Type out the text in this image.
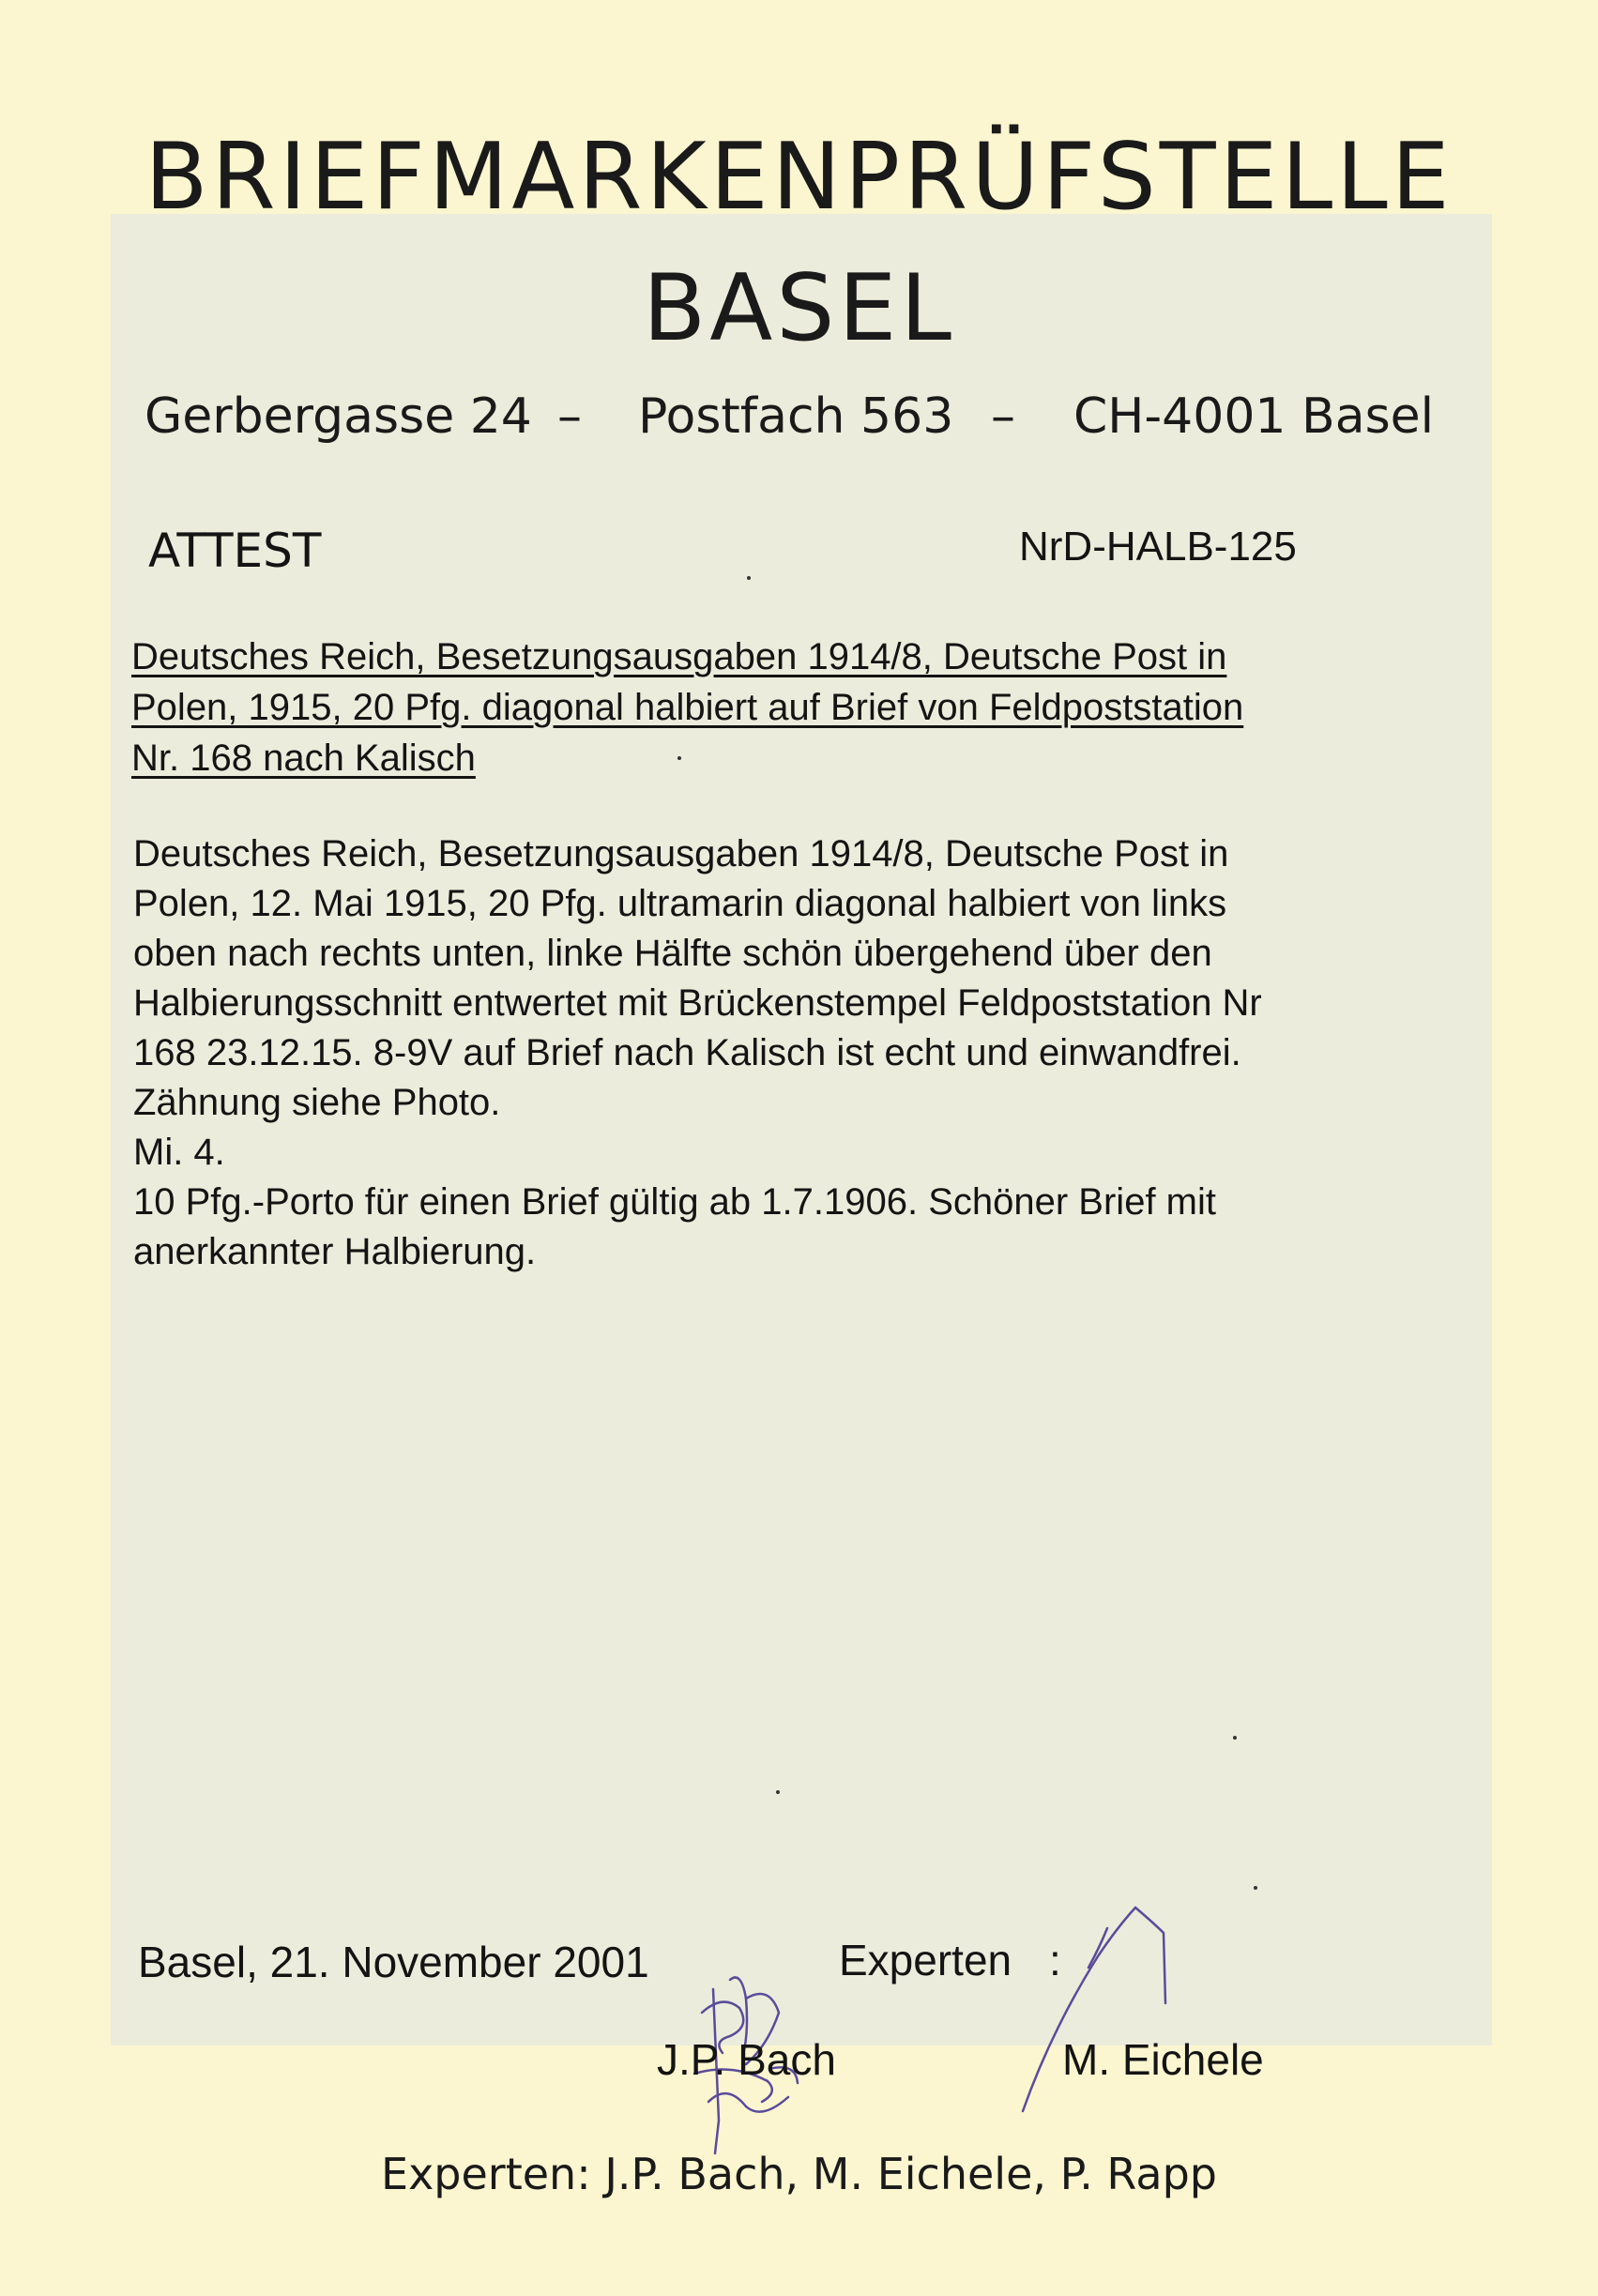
BRIEFMARKENPRÜFSTELLE
BASEL
Gerbergasse 24 – Postfach 563 – CH-4001 Basel
ATTEST	NrD-HALB-125
Deutsches Reich, Besetzungsausgaben 1914/8, Deutsche Post in
Polen, 1915, 20 Pfg. diagonal halbiert auf Brief von Feldpoststation
Nr. 168 nach Kalisch
Deutsches Reich, Besetzungsausgaben 1914/8, Deutsche Post in
Polen, 12. Mai 1915, 20 Pfg. ultramarin diagonal halbiert von links
oben nach rechts unten, linke Hälfte schön übergehend über den
Halbierungsschnitt entwertet mit Brückenstempel Feldpoststation Nr
168 23.12.15. 8-9V auf Brief nach Kalisch ist echt und einwandfrei.
Zähnung siehe Photo.
Mi. 4.
10 Pfg.-Porto für einen Brief gültig ab 1.7.1906. Schöner Brief mit
anerkannter Halbierung.
Basel, 21. November 2001	Experten :
J.P. Bach	M. Eichele
Experten: J.P. Bach, M. Eichele, P. Rapp
